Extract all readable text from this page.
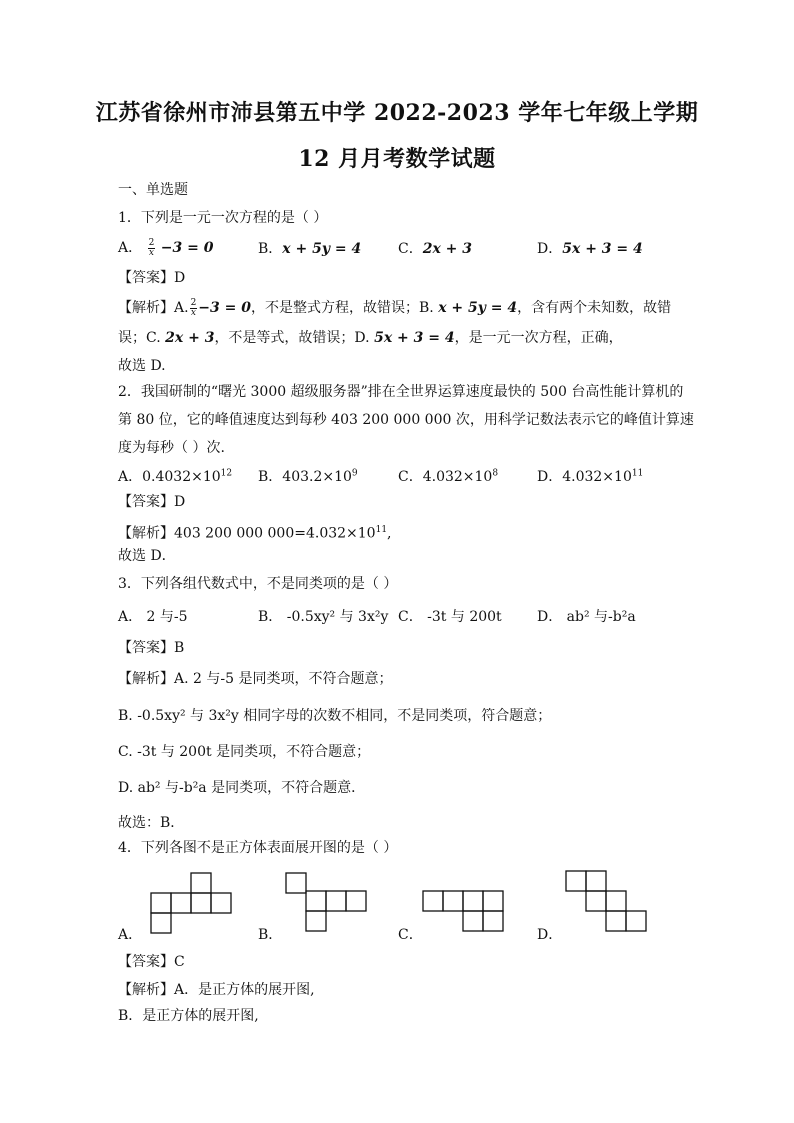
江苏省徐州市沛县第五中学 2022-2023 学年七年级上学期
12 月月考数学试题
一、单选题
1．下列是一元一次方程的是（ ）
A． $\frac{2}{x} -3 = 0$	B．x + 5y = 4	C．2x + 3	D．5x + 3 = 4
【答案】D
【解析】A. $\frac{2}{x} -3 = 0$，不是整式方程，故错误；B. x + 5y = 4，含有两个未知数，故错
误；C. 2x + 3，不是等式，故错误；D. 5x + 3 = 4，是一元一次方程，正确，
故选 D.
2．我国研制的“曙光 3000 超级服务器”排在全世界运算速度最快的 500 台高性能计算机的
第 80 位，它的峰值速度达到每秒 403 200 000 000 次，用科学记数法表示它的峰值计算速
度为每秒（ ）次.
A．$0.4032\times 10^{12}$ B．$403.2\times 10^9$	C．$4.032\times 10^8$	D．$4.032\times 10^{11}$
【答案】D
【解析】403 200 000 $000=4.032\times 10^{11}$,
故选 D．
3．下列各组代数式中，不是同类项的是（ ）
A． 2 与-5	B． -0.5xy² 与 3x²y C． -3t 与 200t	D． ab² 与-b²a
【答案】B
【解析】A. 2 与-5 是同类项，不符合题意；
B. -0.5xy² 与 3x²y 相同字母的次数不相同，不是同类项，符合题意；
C. -3t 与 200t 是同类项，不符合题意；
D. ab² 与-b²a 是同类项，不符合题意．
故选：B．
4．下列各图不是正方体表面展开图的是（ ）
A．	B．	C．	D．
【答案】C
【解析】A．是正方体的展开图,
B．是正方体的展开图,
